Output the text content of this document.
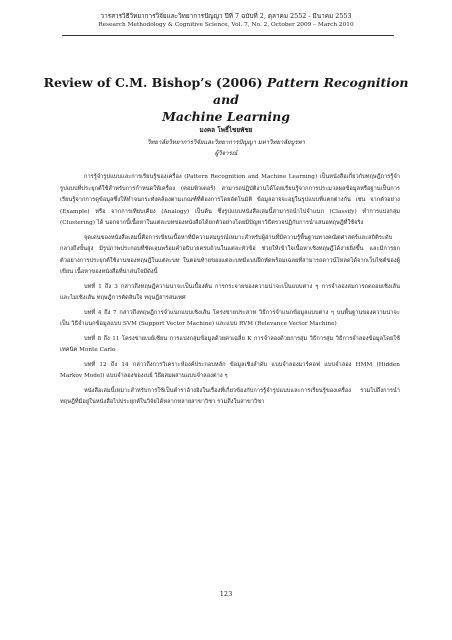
วารสารวิธีวิทยาการวิจัยและวิทยาการปัญญา ปีที่ 7 ฉบับที่ 2, ตุลาคม 2552 - มีนาคม 2553
Research Methodology & Cognitive Science, Vol. 7, No. 2, October 2009 – March 2010
Review of C.M. Bishop’s (2006) Pattern Recognition and
Machine Learning
มงคล โพธิ์ไชยพัชย
วิทยาลัยวิทยาการวิจัยและวิทยาการปัญญา มหาวิทยาลัยบูรพา
ผู้วิจารณ์

การรู้จำรูปแบบและการเรียนรู้ของเครื่อง (Pattern Recognition and Machine Learning) เป็นหนังสือเกี่ยวกับทฤษฎีการรู้จำรูปแบบที่ประยุกต์ใช้สำหรับการกำหนดให้เครื่อง (คอมพิวเตอร์) สามารถปฏิบัติงานได้โดยเรียนรู้จากการประมวลผลข้อมูลหรือฐานเป็นการเรียนรู้จากการดูข้อมูลซึ่งให้ทำจนกระทั่งคล้องตามเกณฑ์ที่ต้องการโดยอัตโนมัติ ข้อมูลอาจจะอยู่ในรูปแบบที่แตกต่างกัน เช่น จากตัวอย่าง (Example) หรือ จากการเทียบเคียง (Analogy) เป็นต้น ซึ่งรูปแบบหนังสือเล่มนี้สามารถนำไปจำแนก (Classify) ทำการแบ่งกลุ่ม (Clustering) ได้ นอกจากนี้เนื้อหาในแต่ละบทของหนังสือได้ยกตัวอย่างโดยมีปัญหาวิธีตรวจปฏิกับการนำเสนอทฤษฎีที่ใช้จริง

จุดเด่นของหนังสือเล่มนี้คือการเขียนเนื้อหาที่มีความสมบูรณ์เหมาะสำหรับผู้อ่านที่มีความรู้พื้นฐานทางคณิตศาสตร์และสถิติระดับกลางถึงขั้นสูง มีรูปภาพประกอบที่ชัดเจนพร้อมคำอธิบายครบถ้วนในแต่ละหัวข้อ ช่วยให้เข้าใจเนื้อหาเชิงทฤษฎีได้ง่ายยิ่งขึ้น และมีการยกตัวอย่างการประยุกต์ใช้งานของทฤษฎีในแต่ละบท ในตอนท้ายของแต่ละบทมีแบบฝึกหัดพร้อมเฉลยที่สามารถดาวน์โหลดได้จากเว็บไซต์ของผู้เขียน เนื้อหาของหนังสือที่น่าสนใจมีดังนี้

บทที่ 1 ถึง 3 กล่าวถึงทฤษฎีความน่าจะเป็นเบื้องต้น การกระจายของความน่าจะเป็นแบบต่าง ๆ การจำลองสมการถดถอยเชิงเส้นและไม่เชิงเส้น ทฤษฎีการตัดสินใจ ทฤษฎีสารสนเทศ

บทที่ 4 ถึง 7 กล่าวถึงทฤษฎีการจำแนกแบบเชิงเส้น โครงข่ายประสาท วิธีการจำแนกข้อมูลแบบต่าง ๆ บนพื้นฐานของความน่าจะเป็น วิธีจำแนกข้อมูลแบบ SVM (Support Vector Machine) และแบบ RVM (Relevance Vector Machine)

บทที่ 8 ถึง 11 โครงข่ายเบย์เซียน การแบ่งกลุ่มข้อมูลด้วยค่าเฉลี่ย K การจำลองด้วยการสุ่ม วิธีการสุ่ม วิธีการจำลองข้อมูลโดยใช้เทคนิค Monte Carlo

บทที่ 12 ถึง 14 กล่าวถึงการวิเคราะห์องค์ประกอบหลัก ข้อมูลเชิงลำดับ แบบจำลองมาร์คอฟ แบบจำลอง HMM (Hidden Markov Model) แบบจำลองของเบย์ วิธีผสมผสานแบบจำลองต่าง ๆ

หนังสือเล่มนี้เหมาะสำหรับการใช้เป็นตำราอ้างอิงในเรื่องที่เกี่ยวข้องกับการรู้จำรูปแบบและการเรียนรู้ของเครื่อง รวมไปถึงการนำทฤษฎีที่มีอยู่ในหนังสือไปประยุกต์ในวิจัยได้หลากหลายสาขาวิชา รวมถึงในสาขาวิชา

123
